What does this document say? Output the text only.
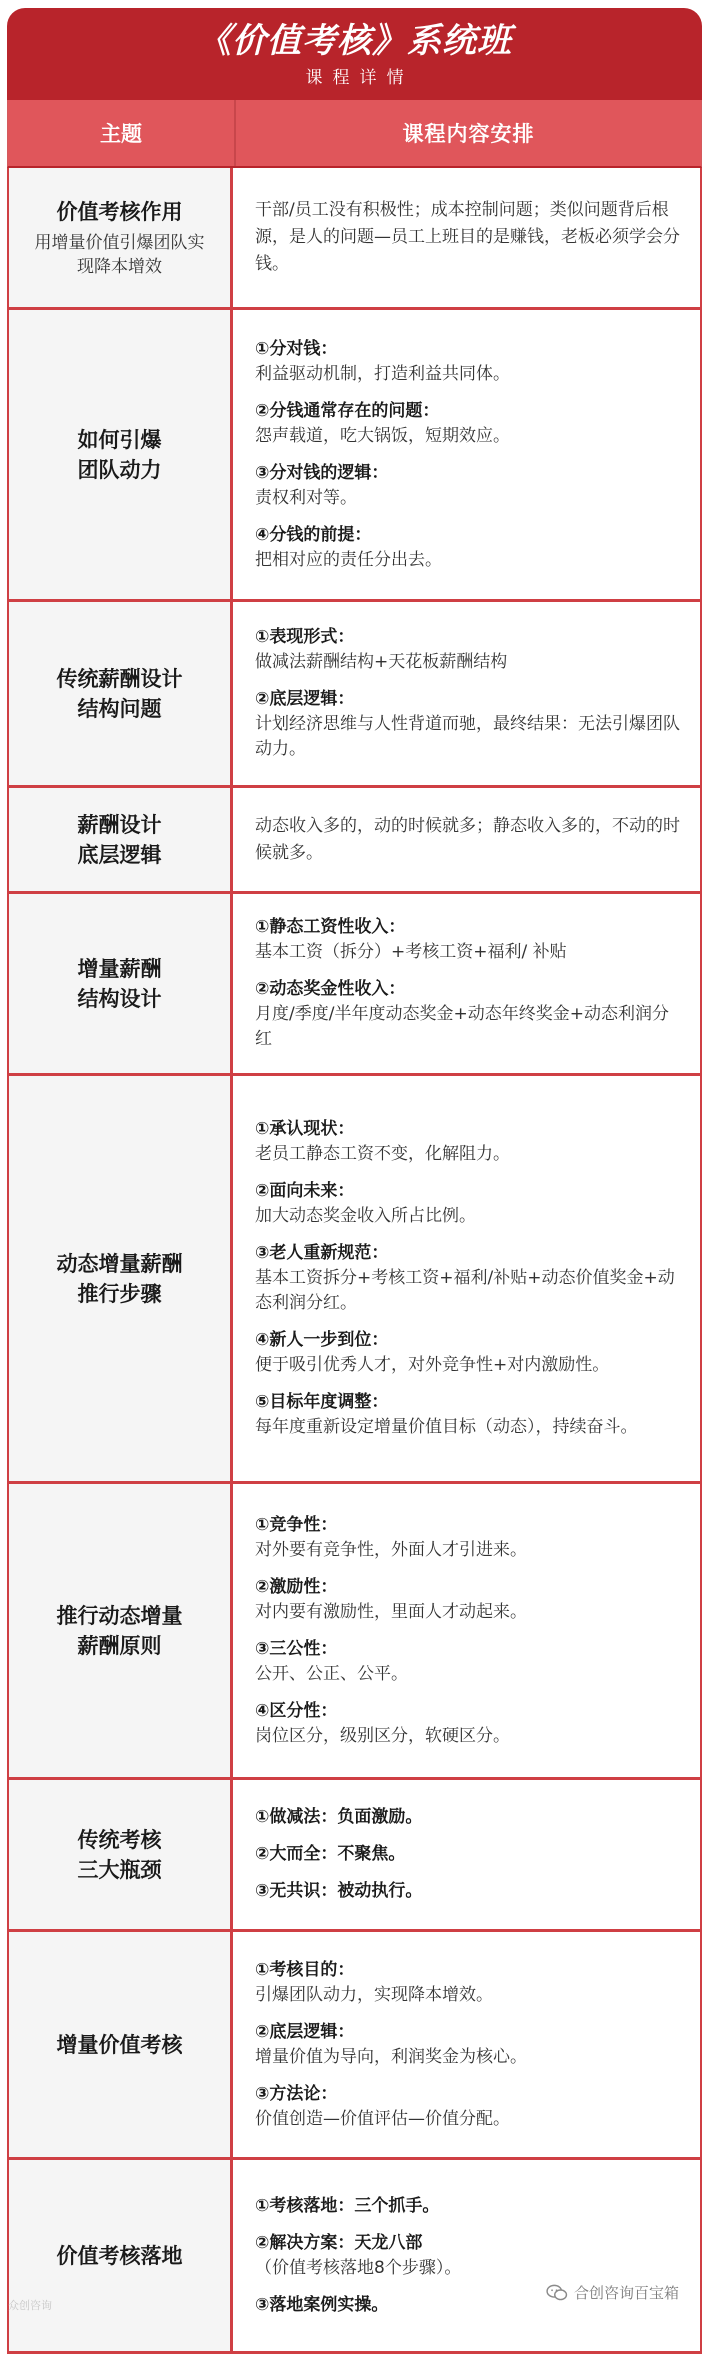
《价值考核》系统班
课程详情
主题	课程内容安排
价值考核作用
用增量价值引爆团队实现降本增效
干部/员工没有积极性；成本控制问题；类似问题背后根源，是人的问题—员工上班目的是赚钱，老板必须学会分钱。
如何引爆团队动力
①分对钱：
利益驱动机制，打造利益共同体。
②分钱通常存在的问题：
怨声载道，吃大锅饭，短期效应。
③分对钱的逻辑：
责权利对等。
④分钱的前提：
把相对应的责任分出去。
传统薪酬设计结构问题
①表现形式：
做减法薪酬结构+天花板薪酬结构
②底层逻辑：
计划经济思维与人性背道而驰，最终结果：无法引爆团队动力。
薪酬设计底层逻辑
动态收入多的，动的时候就多；静态收入多的，不动的时候就多。
增量薪酬结构设计
①静态工资性收入：
基本工资（拆分）+考核工资+福利/ 补贴
②动态奖金性收入：
月度/季度/半年度动态奖金+动态年终奖金+动态利润分红
动态增量薪酬推行步骤
①承认现状：
老员工静态工资不变，化解阻力。
②面向未来：
加大动态奖金收入所占比例。
③老人重新规范：
基本工资拆分+考核工资+福利/补贴+动态价值奖金+动态利润分红。
④新人一步到位：
便于吸引优秀人才，对外竞争性+对内激励性。
⑤目标年度调整：
每年度重新设定增量价值目标（动态），持续奋斗。
推行动态增量薪酬原则
①竞争性：
对外要有竞争性，外面人才引进来。
②激励性：
对内要有激励性，里面人才动起来。
③三公性：
公开、公正、公平。
④区分性：
岗位区分，级别区分，软硬区分。
传统考核三大瓶颈
①做减法：负面激励。
②大而全：不聚焦。
③无共识：被动执行。
增量价值考核
①考核目的：
引爆团队动力，实现降本增效。
②底层逻辑：
增量价值为导向，利润奖金为核心。
③方法论：
价值创造—价值评估—价值分配。
价值考核落地
①考核落地：三个抓手。
②解决方案：天龙八部
（价值考核落地8个步骤）。
③落地案例实操。
众创咨询
合创咨询百宝箱
